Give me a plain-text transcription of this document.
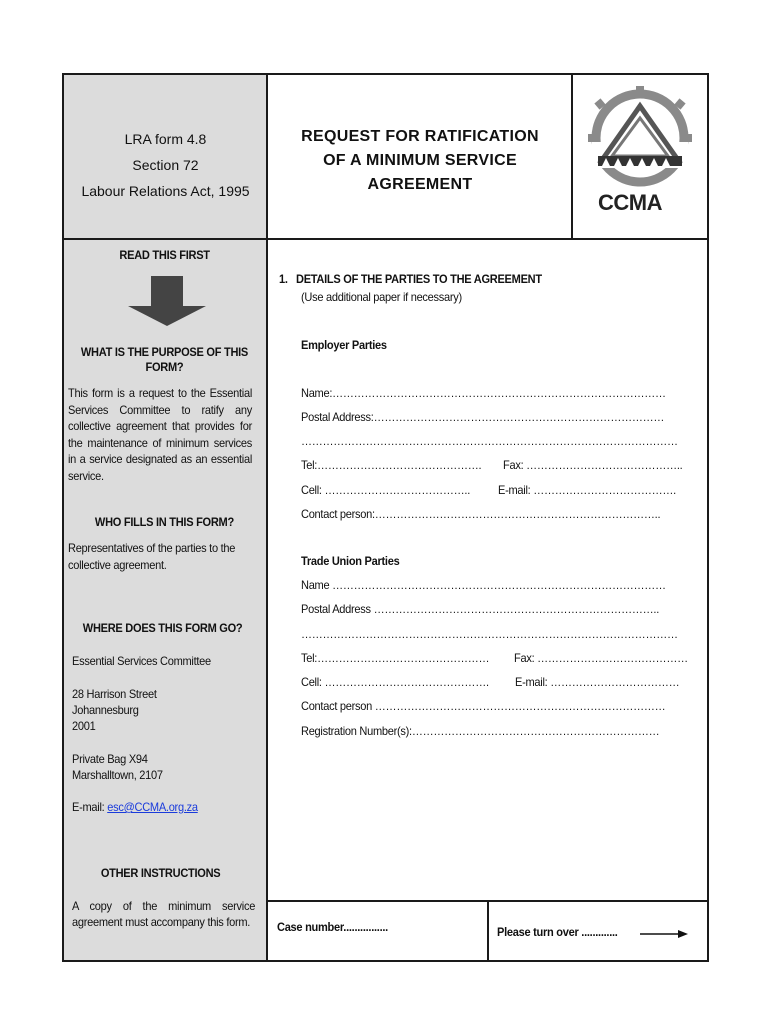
LRA form 4.8
Section 72
Labour Relations Act, 1995
REQUEST FOR RATIFICATION
OF A MINIMUM SERVICE
AGREEMENT
CCMA
READ THIS FIRST
WHAT IS THE PURPOSE OF THIS
FORM?
This form is a request to the Essential Services Committee to ratify any collective agreement that provides for the maintenance of minimum services in a service designated as an essential service.
WHO FILLS IN THIS FORM?
Representatives of the parties to the collective agreement.
WHERE DOES THIS FORM GO?
Essential Services Committee
28 Harrison Street
Johannesburg
2001
Private Bag X94
Marshalltown, 2107
E-mail: esc@CCMA.org.za
OTHER INSTRUCTIONS
A copy of the minimum service agreement must accompany this form.
1. DETAILS OF THE PARTIES TO THE AGREEMENT
(Use additional paper if necessary)
Employer Parties
Name:…………………………………………………………………………………
Postal Address:………………………………………………………………………
……………………………………………………………………………………………
Tel:……………………………………….	Fax: ……………………………………..
Cell: …………………………………..	E-mail: ………………………………….
Contact person:……………………………………………………………………..
Trade Union Parties
Name …………………………………………………………………………………
Postal Address ……………………………………………………………………..
……………………………………………………………………………………………
Tel:…………………………………………	Fax: ……………………………………
Cell: ……………………………………….	E-mail: ………………………………
Contact person ………………………………………………………………………
Registration Number(s):……………………………………………………………
Case number................	Please turn over .............
